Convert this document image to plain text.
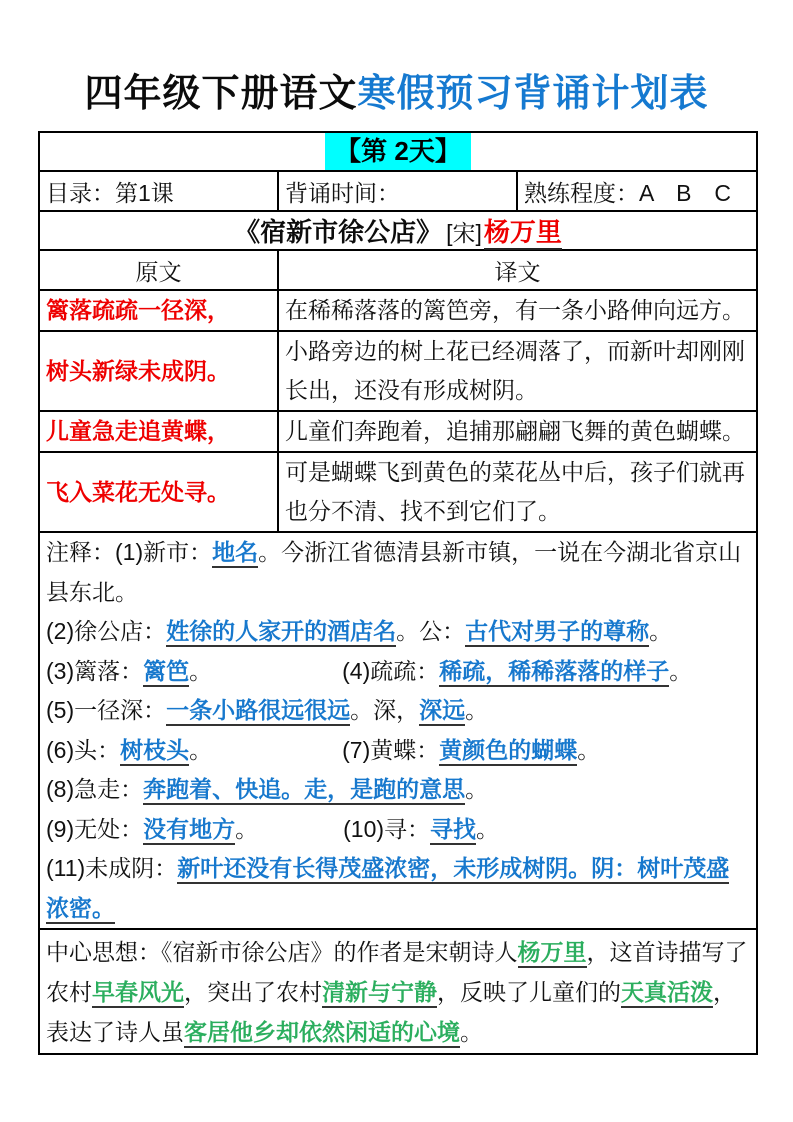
四年级下册语文寒假预习背诵计划表
【第 2天】		
目录：第1课	背诵时间：	熟练程度：A　B　C
《宿新市徐公店》 [宋]杨万里		
原文	译文	
篱落疏疏一径深，	在稀稀落落的篱笆旁，有一条小路伸向远方。	
树头新绿未成阴。	小路旁边的树上花已经凋落了，而新叶却刚刚长出，还没有形成树阴。	
儿童急走追黄蝶，	儿童们奔跑着，追捕那翩翩飞舞的黄色蝴蝶。	
飞入菜花无处寻。	可是蝴蝶飞到黄色的菜花丛中后，孩子们就再也分不清、找不到它们了。	

注释：(1)新市：地名。今浙江省德清县新市镇，一说在今湖北省京山县东北。
(2)徐公店：姓徐的人家开的酒店名。公：古代对男子的尊称。
(3)篱落：篱笆。	(4)疏疏：稀疏，稀稀落落的样子。
(5)一径深：一条小路很远很远。深，深远。
(6)头：树枝头。	(7)黄蝶：黄颜色的蝴蝶。
(8)急走：奔跑着、快追。走，是跑的意思。
(9)无处：没有地方。	(10)寻：寻找。
(11)未成阴：新叶还没有长得茂盛浓密，未形成树阴。阴：树叶茂盛浓密。

中心思想：《宿新市徐公店》的作者是宋朝诗人杨万里，这首诗描写了农村早春风光，突出了农村清新与宁静，反映了儿童们的天真活泼，表达了诗人虽客居他乡却依然闲适的心境。		
